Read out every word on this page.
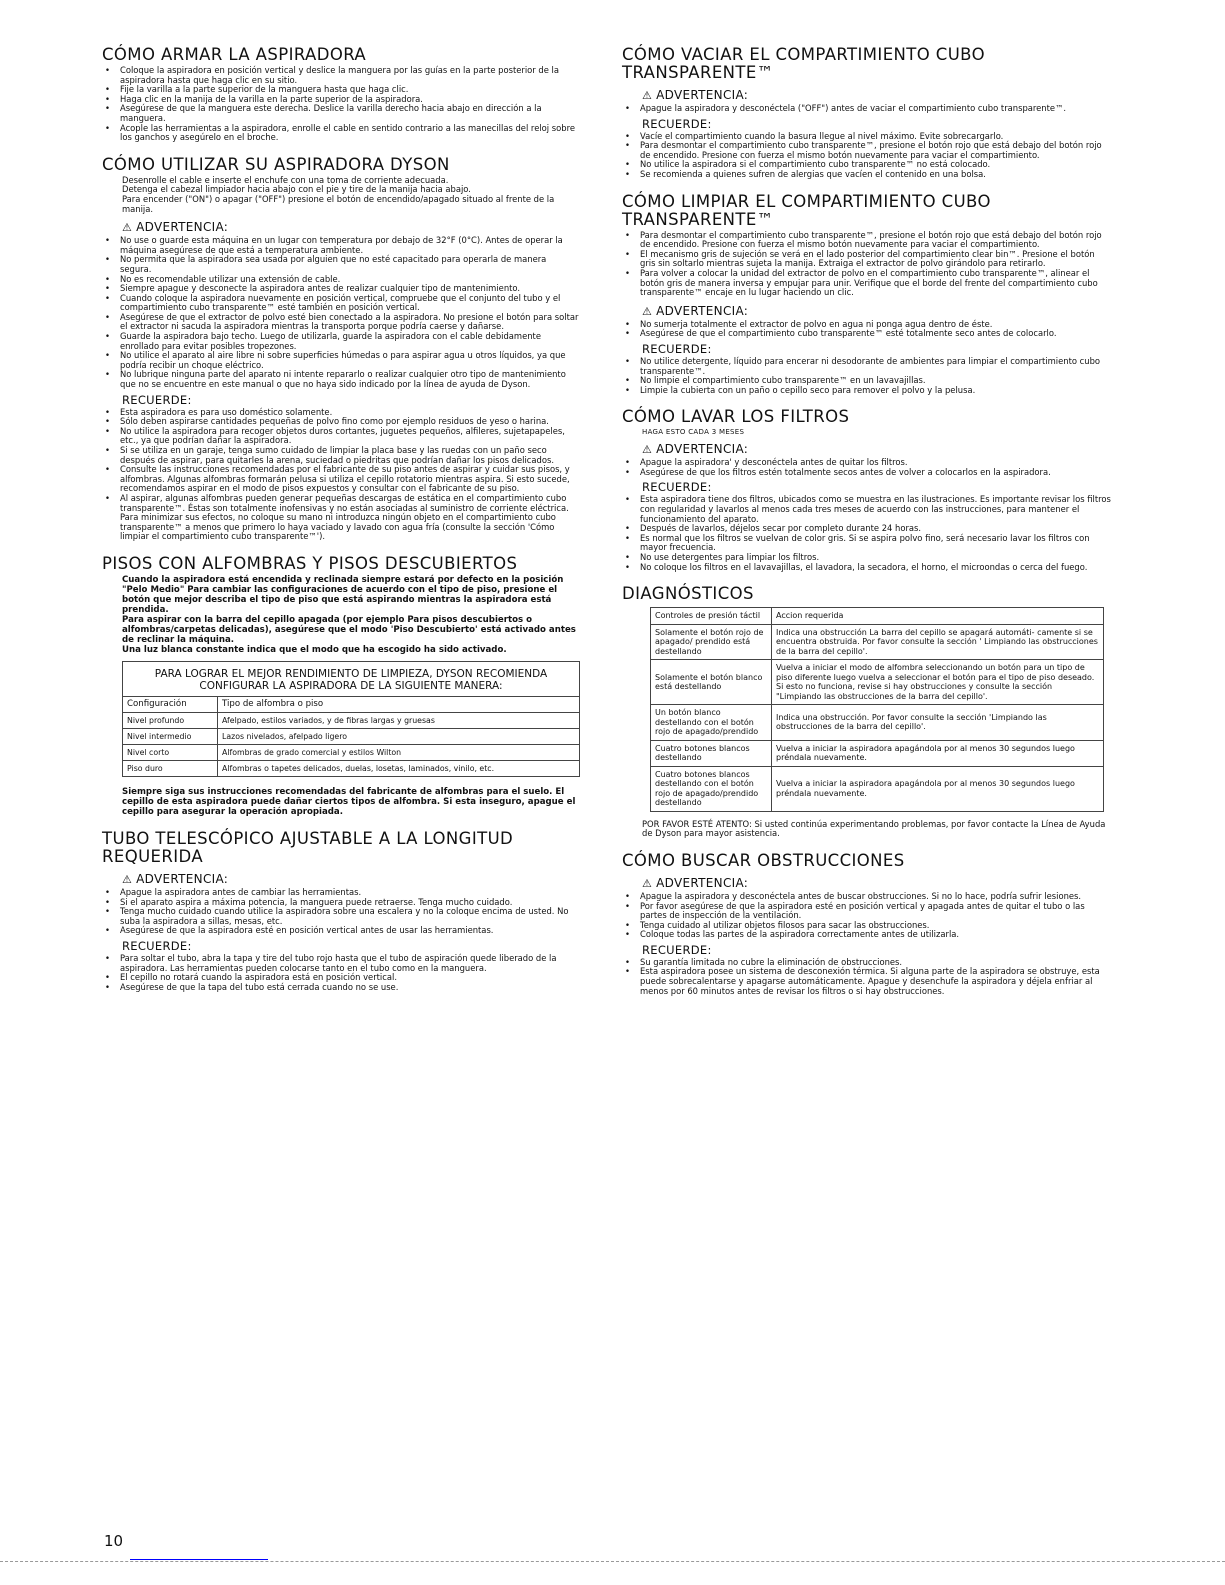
CÓMO ARMAR LA ASPIRADORA
• Coloque la aspiradora en posición vertical y deslice la manguera por las guías en la parte posterior de la aspiradora hasta que haga clic en su sitio.
• Fije la varilla a la parte superior de la manguera hasta que haga clic.
• Haga clic en la manija de la varilla en la parte superior de la aspiradora.
• Asegúrese de que la manguera este derecha. Deslice la varilla derecho hacia abajo en dirección a la manguera.
• Acople las herramientas a la aspiradora, enrolle el cable en sentido contrario a las manecillas del reloj sobre los ganchos y asegúrelo en el broche.
CÓMO UTILIZAR SU ASPIRADORA DYSON

Desenrolle el cable e inserte el enchufe con una toma de corriente adecuada.

Detenga el cabezal limpiador hacia abajo con el pie y tire de la manija hacia abajo.

Para encender ("ON") o apagar ("OFF") presione el botón de encendido/apagado situado al frente de la manija.

⚠ ADVERTENCIA:
• No use o guarde esta máquina en un lugar con temperatura por debajo de 32°F (0°C). Antes de operar la máquina asegúrese de que está a temperatura ambiente.
• No permita que la aspiradora sea usada por alguien que no esté capacitado para operarla de manera segura.
• No es recomendable utilizar una extensión de cable.
• Siempre apague y desconecte la aspiradora antes de realizar cualquier tipo de mantenimiento.
• Cuando coloque la aspiradora nuevamente en posición vertical, compruebe que el conjunto del tubo y el compartimiento cubo transparente™ esté también en posición vertical.
• Asegúrese de que el extractor de polvo esté bien conectado a la aspiradora. No presione el botón para soltar el extractor ni sacuda la aspiradora mientras la transporta porque podría caerse y dañarse.
• Guarde la aspiradora bajo techo. Luego de utilizarla, guarde la aspiradora con el cable debidamente enrollado para evitar posibles tropezones.
• No utilice el aparato al aire libre ni sobre superficies húmedas o para aspirar agua u otros líquidos, ya que podría recibir un choque eléctrico.
• No lubrique ninguna parte del aparato ni intente repararlo o realizar cualquier otro tipo de mantenimiento que no se encuentre en este manual o que no haya sido indicado por la línea de ayuda de Dyson.
RECUERDE:
• Esta aspiradora es para uso doméstico solamente.
• Sólo deben aspirarse cantidades pequeñas de polvo fino como por ejemplo residuos de yeso o harina.
• No utilice la aspiradora para recoger objetos duros cortantes, juguetes pequeños, alfileres, sujetapapeles, etc., ya que podrían dañar la aspiradora.
• Si se utiliza en un garaje, tenga sumo cuidado de limpiar la placa base y las ruedas con un paño seco después de aspirar, para quitarles la arena, suciedad o piedritas que podrían dañar los pisos delicados.
• Consulte las instrucciones recomendadas por el fabricante de su piso antes de aspirar y cuidar sus pisos, y alfombras. Algunas alfombras formarán pelusa si utiliza el cepillo rotatorio mientras aspira. Si esto sucede, recomendamos aspirar en el modo de pisos expuestos y consultar con el fabricante de su piso.
• Al aspirar, algunas alfombras pueden generar pequeñas descargas de estática en el compartimiento cubo transparente™. Éstas son totalmente inofensivas y no están asociadas al suministro de corriente eléctrica. Para minimizar sus efectos, no coloque su mano ni introduzca ningún objeto en el compartimiento cubo transparente™ a menos que primero lo haya vaciado y lavado con agua fría (consulte la sección 'Cómo limpiar el compartimiento cubo transparente™').
PISOS CON ALFOMBRAS Y PISOS DESCUBIERTOS

Cuando la aspiradora está encendida y reclinada siempre estará por defecto en la posición "Pelo Medio" Para cambiar las configuraciones de acuerdo con el tipo de piso, presione el botón que mejor describa el tipo de piso que está aspirando mientras la aspiradora está prendida.

Para aspirar con la barra del cepillo apagada (por ejemplo Para pisos descubiertos o alfombras/carpetas delicadas), asegúrese que el modo 'Piso Descubierto' está activado antes de reclinar la máquina.

Una luz blanca constante indica que el modo que ha escogido ha sido activado.

PARA LOGRAR EL MEJOR RENDIMIENTO DE LIMPIEZA, DYSON RECOMIENDA CONFIGURAR LA ASPIRADORA DE LA SIGUIENTE MANERA:
Configuración	Tipo de alfombra o piso
Nivel profundo	Afelpado, estilos variados, y de fibras largas y gruesas
Nivel intermedio	Lazos nivelados, afelpado ligero
Nivel corto	Alfombras de grado comercial y estilos Wilton
Piso duro	Alfombras o tapetes delicados, duelas, losetas, laminados, vinilo, etc.

Siempre siga sus instrucciones recomendadas del fabricante de alfombras para el suelo. El cepillo de esta aspiradora puede dañar ciertos tipos de alfombra. Si esta inseguro, apague el cepillo para asegurar la operación apropiada.

TUBO TELESCÓPICO AJUSTABLE A LA LONGITUD
REQUERIDA
⚠ ADVERTENCIA:
• Apague la aspiradora antes de cambiar las herramientas.
• Si el aparato aspira a máxima potencia, la manguera puede retraerse. Tenga mucho cuidado.
• Tenga mucho cuidado cuando utilice la aspiradora sobre una escalera y no la coloque encima de usted. No suba la aspiradora a sillas, mesas, etc.
• Asegúrese de que la aspiradora esté en posición vertical antes de usar las herramientas.
RECUERDE:
• Para soltar el tubo, abra la tapa y tire del tubo rojo hasta que el tubo de aspiración quede liberado de la aspiradora. Las herramientas pueden colocarse tanto en el tubo como en la manguera.
• El cepillo no rotará cuando la aspiradora está en posición vertical.
• Asegúrese de que la tapa del tubo está cerrada cuando no se use.
CÓMO VACIAR EL COMPARTIMIENTO CUBO
TRANSPARENTE™
⚠ ADVERTENCIA:
• Apague la aspiradora y desconéctela ("OFF") antes de vaciar el compartimiento cubo transparente™.
RECUERDE:
• Vacíe el compartimiento cuando la basura llegue al nivel máximo. Evite sobrecargarlo.
• Para desmontar el compartimiento cubo transparente™, presione el botón rojo que está debajo del botón rojo de encendido. Presione con fuerza el mismo botón nuevamente para vaciar el compartimiento.
• No utilice la aspiradora si el compartimiento cubo transparente™ no está colocado.
• Se recomienda a quienes sufren de alergias que vacíen el contenido en una bolsa.
CÓMO LIMPIAR EL COMPARTIMIENTO CUBO
TRANSPARENTE™
• Para desmontar el compartimiento cubo transparente™, presione el botón rojo que está debajo del botón rojo de encendido. Presione con fuerza el mismo botón nuevamente para vaciar el compartimiento.
• El mecanismo gris de sujeción se verá en el lado posterior del compartimiento clear bin™. Presione el botón gris sin soltarlo mientras sujeta la manija. Extraiga el extractor de polvo girándolo para retirarlo.
• Para volver a colocar la unidad del extractor de polvo en el compartimiento cubo transparente™, alinear el botón gris de manera inversa y empujar para unir. Verifique que el borde del frente del compartimiento cubo transparente™ encaje en lu lugar haciendo un clic.
⚠ ADVERTENCIA:
• No sumerja totalmente el extractor de polvo en agua ni ponga agua dentro de éste.
• Asegúrese de que el compartimiento cubo transparente™ esté totalmente seco antes de colocarlo.
RECUERDE:
• No utilice detergente, líquido para encerar ni desodorante de ambientes para limpiar el compartimiento cubo transparente™.
• No limpie el compartimiento cubo transparente™ en un lavavajillas.
• Limpie la cubierta con un paño o cepillo seco para remover el polvo y la pelusa.
CÓMO LAVAR LOS FILTROS
HAGA ESTO CADA 3 MESES
⚠ ADVERTENCIA:
• Apague la aspiradora' y desconéctela antes de quitar los filtros.
• Asegúrese de que los filtros estén totalmente secos antes de volver a colocarlos en la aspiradora.
RECUERDE:
• Esta aspiradora tiene dos filtros, ubicados como se muestra en las ilustraciones. Es importante revisar los filtros con regularidad y lavarlos al menos cada tres meses de acuerdo con las instrucciones, para mantener el funcionamiento del aparato.
• Después de lavarlos, déjelos secar por completo durante 24 horas.
• Es normal que los filtros se vuelvan de color gris. Si se aspira polvo fino, será necesario lavar los filtros con mayor frecuencia.
• No use detergentes para limpiar los filtros.
• No coloque los filtros en el lavavajillas, el lavadora, la secadora, el horno, el microondas o cerca del fuego.
DIAGNÓSTICOS
Controles de presión táctil	Accion requerida
Solamente el botón rojo de apagado/ prendido está destellando	Indica una obstrucción La barra del cepillo se apagará automáti- camente si se encuentra obstruida. Por favor consulte la sección ' Limpiando las obstrucciones de la barra del cepillo'.
Solamente el botón blanco está destellando	Vuelva a iniciar el modo de alfombra seleccionando un botón para un tipo de piso diferente luego vuelva a seleccionar el botón para el tipo de piso deseado. Si esto no funciona, revise si hay obstrucciones y consulte la sección "Limpiando las obstrucciones de la barra del cepillo'.
Un botón blanco destellando con el botón rojo de apagado/prendido	Indica una obstrucción. Por favor consulte la sección 'Limpiando las obstrucciones de la barra del cepillo'.
Cuatro botones blancos destellando	Vuelva a iniciar la aspiradora apagándola por al menos 30 segundos luego préndala nuevamente.
Cuatro botones blancos destellando con el botón rojo de apagado/prendido destellando	Vuelva a iniciar la aspiradora apagándola por al menos 30 segundos luego préndala nuevamente.

POR FAVOR ESTÉ ATENTO: Si usted continúa experimentando problemas, por favor contacte la Línea de Ayuda de Dyson para mayor asistencia.

CÓMO BUSCAR OBSTRUCCIONES
⚠ ADVERTENCIA:
• Apague la aspiradora y desconéctela antes de buscar obstrucciones. Si no lo hace, podría sufrir lesiones.
• Por favor asegúrese de que la aspiradora esté en posición vertical y apagada antes de quitar el tubo o las partes de inspección de la ventilación.
• Tenga cuidado al utilizar objetos filosos para sacar las obstrucciones.
• Coloque todas las partes de la aspiradora correctamente antes de utilizarla.
RECUERDE:
• Su garantía limitada no cubre la eliminación de obstrucciones.
• Esta aspiradora posee un sistema de desconexión térmica. Si alguna parte de la aspiradora se obstruye, esta puede sobrecalentarse y apagarse automáticamente. Apague y desenchufe la aspiradora y déjela enfriar al menos por 60 minutos antes de revisar los filtros o si hay obstrucciones.
10
